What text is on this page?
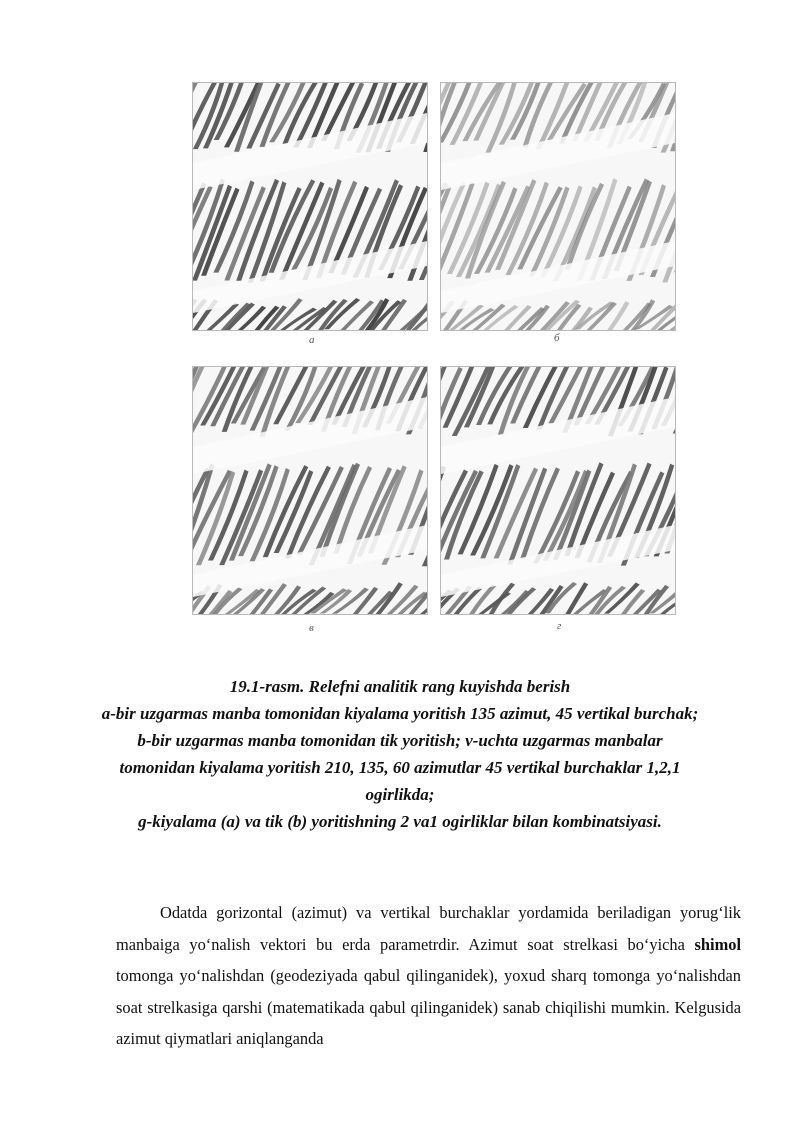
a	б
в	г
19.1-rasm. Relefni analitik rang kuyishda berish
a-bir uzgarmas manba tomonidan kiyalama yoritish 135 azimut, 45 vertikal burchak;
b-bir uzgarmas manba tomonidan tik yoritish; v-uchta uzgarmas manbalar tomonidan kiyalama yoritish 210, 135, 60 azimutlar 45 vertikal burchaklar 1,2,1 ogirlikda;
g-kiyalama (a) va tik (b) yoritishning 2 va1 ogirliklar bilan kombinatsiyasi.

Odatda gorizontal (azimut) va vertikal burchaklar yordamida beriladigan yorug‘lik manbaiga yo‘nalish vektori bu erda parametrdir. Azimut soat strelkasi bo‘yicha shimol tomonga yo‘nalishdan (geodeziyada qabul qilinganidek), yoxud sharq tomonga yo‘nalishdan soat strelkasiga qarshi (matematikada qabul qilinganidek) sanab chiqilishi mumkin. Kelgusida azimut qiymatlari aniqlanganda
